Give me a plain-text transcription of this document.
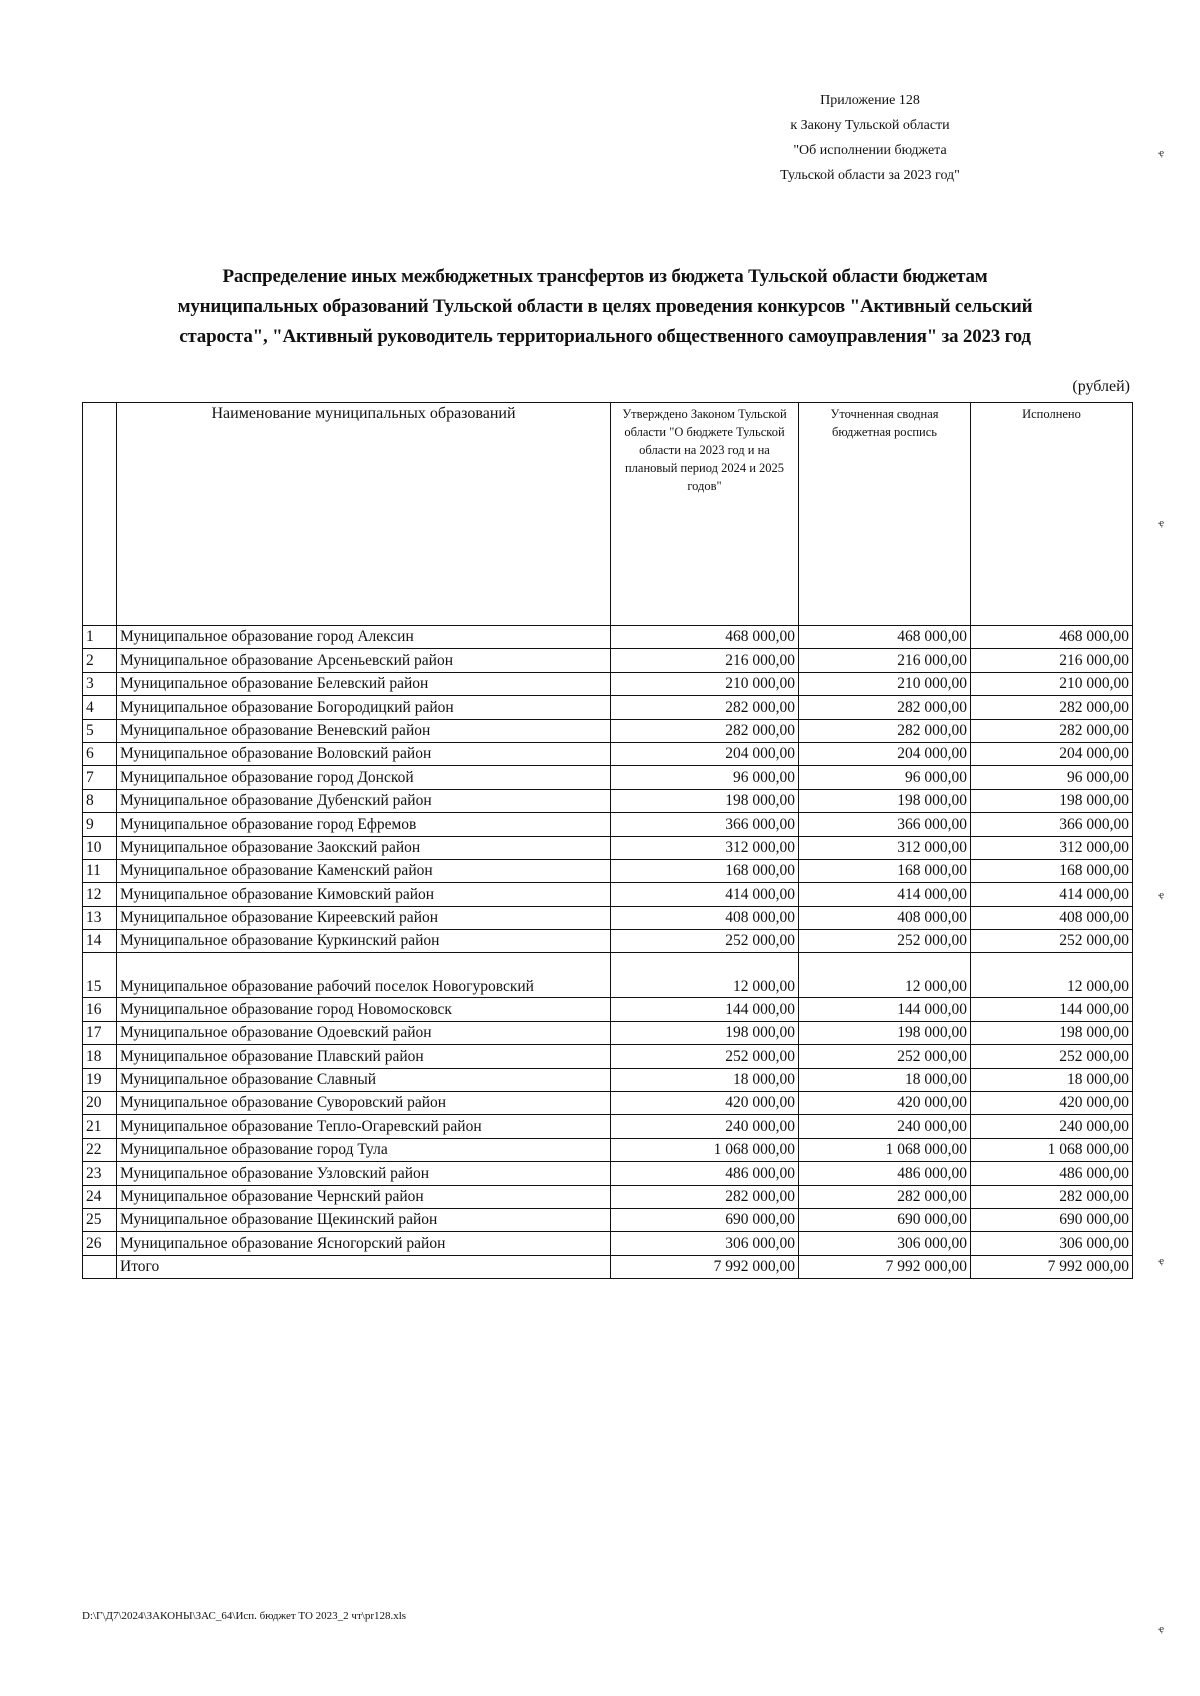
Приложение 128
к Закону Тульской области
"Об исполнении бюджета
Тульской области за 2023 год"
Распределение иных межбюджетных трансфертов из бюджета Тульской области бюджетам
муниципальных образований Тульской области в целях проведения конкурсов "Активный сельский
староста", "Активный руководитель территориального общественного самоуправления" за 2023 год
(рублей)
	Наименование муниципальных образований	Утверждено Законом Тульской области "О бюджете Тульской области на 2023 год и на плановый период 2024 и 2025 годов"	Уточненная сводная бюджетная роспись	Исполнено
1	Муниципальное образование город Алексин	468 000,00	468 000,00	468 000,00
2	Муниципальное образование Арсеньевский район	216 000,00	216 000,00	216 000,00
3	Муниципальное образование Белевский район	210 000,00	210 000,00	210 000,00
4	Муниципальное образование Богородицкий район	282 000,00	282 000,00	282 000,00
5	Муниципальное образование Веневский район	282 000,00	282 000,00	282 000,00
6	Муниципальное образование Воловский район	204 000,00	204 000,00	204 000,00
7	Муниципальное образование город Донской	96 000,00	96 000,00	96 000,00
8	Муниципальное образование Дубенский район	198 000,00	198 000,00	198 000,00
9	Муниципальное образование город Ефремов	366 000,00	366 000,00	366 000,00
10	Муниципальное образование Заокский район	312 000,00	312 000,00	312 000,00
11	Муниципальное образование Каменский район	168 000,00	168 000,00	168 000,00
12	Муниципальное образование Кимовский район	414 000,00	414 000,00	414 000,00
13	Муниципальное образование Киреевский район	408 000,00	408 000,00	408 000,00
14	Муниципальное образование Куркинский район	252 000,00	252 000,00	252 000,00
15	Муниципальное образование рабочий поселок Новогуровский	12 000,00	12 000,00	12 000,00
16	Муниципальное образование город Новомосковск	144 000,00	144 000,00	144 000,00
17	Муниципальное образование Одоевский район	198 000,00	198 000,00	198 000,00
18	Муниципальное образование Плавский район	252 000,00	252 000,00	252 000,00
19	Муниципальное образование Славный	18 000,00	18 000,00	18 000,00
20	Муниципальное образование Суворовский район	420 000,00	420 000,00	420 000,00
21	Муниципальное образование Тепло-Огаревский район	240 000,00	240 000,00	240 000,00
22	Муниципальное образование город Тула	1 068 000,00	1 068 000,00	1 068 000,00
23	Муниципальное образование Узловский район	486 000,00	486 000,00	486 000,00
24	Муниципальное образование Чернский район	282 000,00	282 000,00	282 000,00
25	Муниципальное образование Щекинский район	690 000,00	690 000,00	690 000,00
26	Муниципальное образование Ясногорский район	306 000,00	306 000,00	306 000,00
	Итого	7 992 000,00	7 992 000,00	7 992 000,00
D:\Г\Д7\2024\ЗАКОНЫ\ЗАС_64\Исп. бюджет ТО 2023_2 чт\pr128.xls
ҿ
ҿ
ҿ
ҿ
ҿ
